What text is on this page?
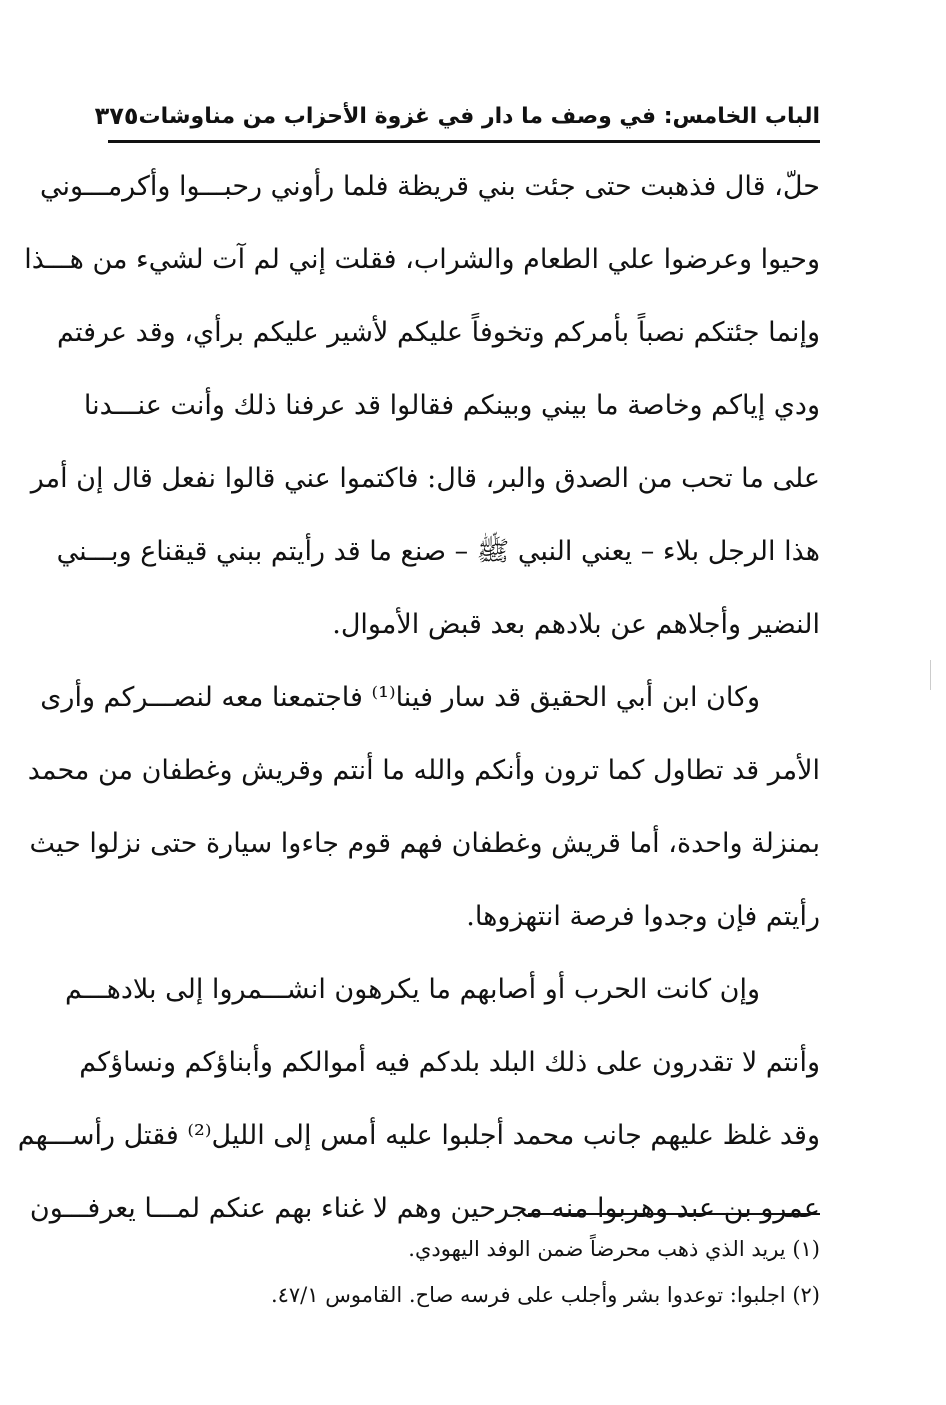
الباب الخامس: في وصف ما دار في غزوة الأحزاب من مناوشات
٣٧٥
حلّ، قال فذهبت حتى جئت بني قريظة فلما رأوني رحبـــوا وأكرمـــوني
وحيوا وعرضوا علي الطعام والشراب، فقلت إني لم آت لشيء من هـــذا
وإنما جئتكم نصباً بأمركم وتخوفاً عليكم لأشير عليكم برأي، وقد عرفتم
ودي إياكم وخاصة ما بيني وبينكم فقالوا قد عرفنا ذلك وأنت عنـــدنا
على ما تحب من الصدق والبر، قال: فاكتموا عني قالوا نفعل قال إن أمر
هذا الرجل بلاء – يعني النبي ﷺ – صنع ما قد رأيتم ببني قيقناع وبـــني
النضير وأجلاهم عن بلادهم بعد قبض الأموال.
وكان ابن أبي الحقيق قد سار فينا⁽¹⁾ فاجتمعنا معه لنصـــركم وأرى
الأمر قد تطاول كما ترون وأنكم والله ما أنتم وقريش وغطفان من محمد
بمنزلة واحدة، أما قريش وغطفان فهم قوم جاءوا سيارة حتى نزلوا حيث
رأيتم فإن وجدوا فرصة انتهزوها.
وإن كانت الحرب أو أصابهم ما يكرهون انشـــمروا إلى بلادهـــم
وأنتم لا تقدرون على ذلك البلد بلدكم فيه أموالكم وأبناؤكم ونساؤكم
وقد غلظ عليهم جانب محمد أجلبوا عليه أمس إلى الليل⁽²⁾ فقتل رأســـهم
عمرو بن عبد وهربوا منه مجرحين وهم لا غناء بهم عنكم لمـــا يعرفـــون
(١) يريد الذي ذهب محرضاً ضمن الوفد اليهودي.
(٢) اجلبوا: توعدوا بشر وأجلب على فرسه صاح. القاموس ٤٧/١.
